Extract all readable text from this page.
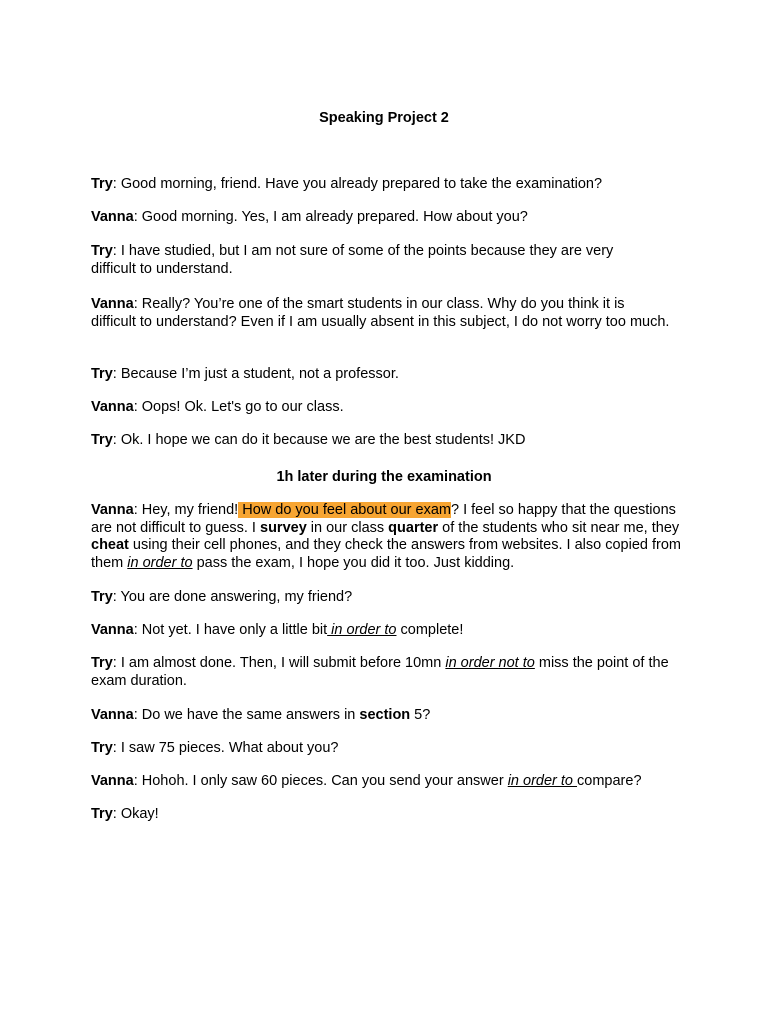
Speaking Project 2

Try: Good morning, friend. Have you already prepared to take the examination?

Vanna: Good morning. Yes, I am already prepared. How about you?

Try: I have studied, but I am not sure of some of the points because they are very difficult to understand.

Vanna: Really? You’re one of the smart students in our class. Why do you think it is difficult to understand? Even if I am usually absent in this subject, I do not worry too much.

Try: Because I’m just a student, not a professor.

Vanna: Oops! Ok. Let's go to our class.

Try: Ok. I hope we can do it because we are the best students! JKD

1h later during the examination

Vanna: Hey, my friend! How do you feel about our exam? I feel so happy that the questions are not difficult to guess. I survey in our class quarter of the students who sit near me, they cheat using their cell phones, and they check the answers from websites. I also copied from them in order to pass the exam, I hope you did it too. Just kidding.

Try: You are done answering, my friend?

Vanna: Not yet. I have only a little bit in order to complete!

Try: I am almost done. Then, I will submit before 10mn in order not to miss the point of the exam duration.

Vanna: Do we have the same answers in section 5?

Try: I saw 75 pieces. What about you?

Vanna: Hohoh. I only saw 60 pieces. Can you send your answer in order to compare?

Try: Okay!
